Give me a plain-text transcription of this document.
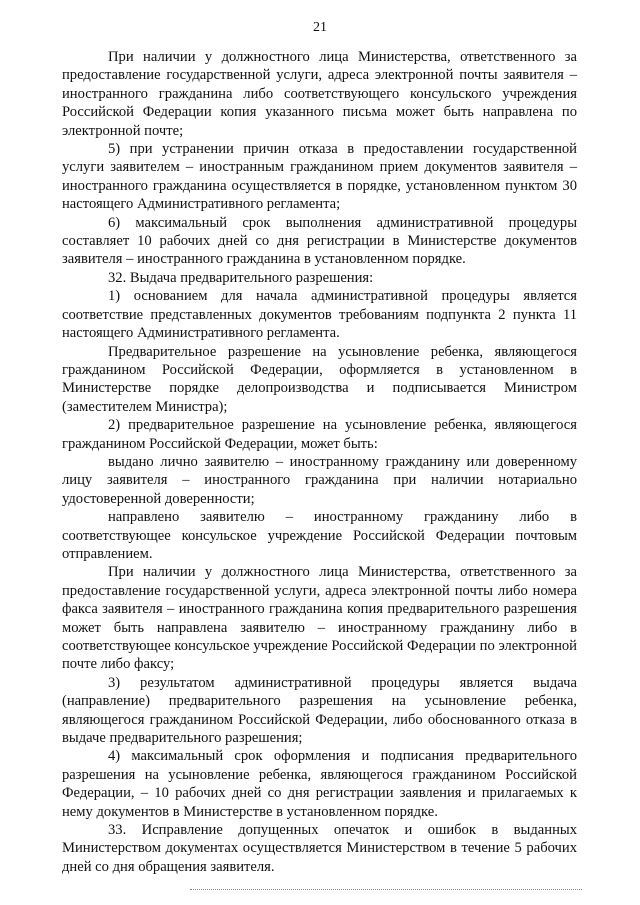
21

При наличии у должностного лица Министерства, ответственного за предоставление государственной услуги, адреса электронной почты заявителя – иностранного гражданина либо соответствующего консульского учреждения Российской Федерации копия указанного письма может быть направлена по электронной почте;

5) при устранении причин отказа в предоставлении государственной услуги заявителем – иностранным гражданином прием документов заявителя – иностранного гражданина осуществляется в порядке, установленном пунктом 30 настоящего Административного регламента;

6) максимальный срок выполнения административной процедуры составляет 10 рабочих дней со дня регистрации в Министерстве документов заявителя – иностранного гражданина в установленном порядке.

32. Выдача предварительного разрешения:

1) основанием для начала административной процедуры является соответствие представленных документов требованиям подпункта 2 пункта 11 настоящего Административного регламента.

Предварительное разрешение на усыновление ребенка, являющегося гражданином Российской Федерации, оформляется в установленном в Министерстве порядке делопроизводства и подписывается Министром (заместителем Министра);

2) предварительное разрешение на усыновление ребенка, являющегося гражданином Российской Федерации, может быть:

выдано лично заявителю – иностранному гражданину или доверенному лицу заявителя – иностранного гражданина при наличии нотариально удостоверенной доверенности;

направлено заявителю – иностранному гражданину либо в соответствующее консульское учреждение Российской Федерации почтовым отправлением.

При наличии у должностного лица Министерства, ответственного за предоставление государственной услуги, адреса электронной почты либо номера факса заявителя – иностранного гражданина копия предварительного разрешения может быть направлена заявителю – иностранному гражданину либо в соответствующее консульское учреждение Российской Федерации по электронной почте либо факсу;

3) результатом административной процедуры является выдача (направление) предварительного разрешения на усыновление ребенка, являющегося гражданином Российской Федерации, либо обоснованного отказа в выдаче предварительного разрешения;

4) максимальный срок оформления и подписания предварительного разрешения на усыновление ребенка, являющегося гражданином Российской Федерации, – 10 рабочих дней со дня регистрации заявления и прилагаемых к нему документов в Министерстве в установленном порядке.

33. Исправление допущенных опечаток и ошибок в выданных Министерством документах осуществляется Министерством в течение 5 рабочих дней со дня обращения заявителя.
